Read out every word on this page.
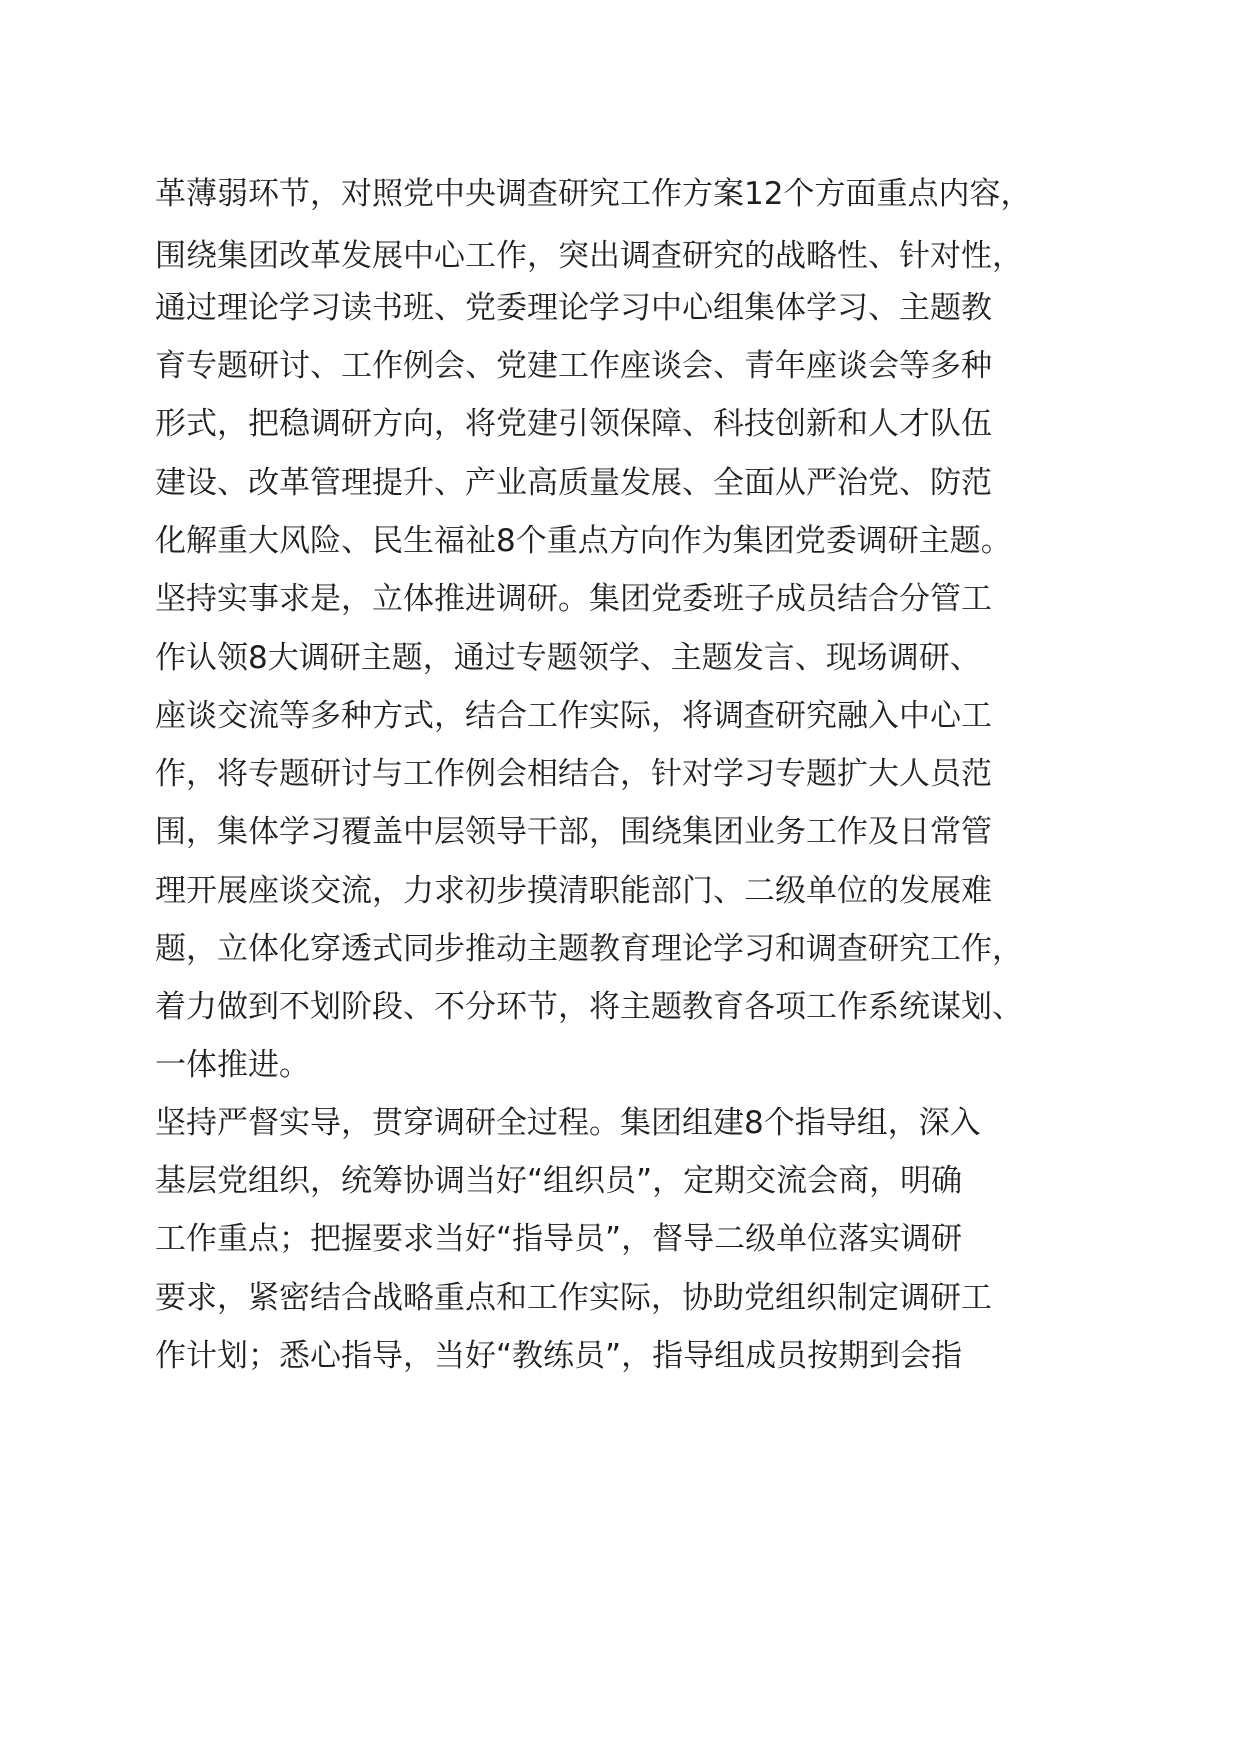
革薄弱环节，对照党中央调查研究工作方案12个方面重点内容，
围绕集团改革发展中心工作，突出调查研究的战略性、针对性，
通过理论学习读书班、党委理论学习中心组集体学习、主题教
育专题研讨、工作例会、党建工作座谈会、青年座谈会等多种
形式，把稳调研方向，将党建引领保障、科技创新和人才队伍
建设、改革管理提升、产业高质量发展、全面从严治党、防范
化解重大风险、民生福祉8个重点方向作为集团党委调研主题。
坚持实事求是，立体推进调研。集团党委班子成员结合分管工
作认领8大调研主题，通过专题领学、主题发言、现场调研、
座谈交流等多种方式，结合工作实际，将调查研究融入中心工
作，将专题研讨与工作例会相结合，针对学习专题扩大人员范
围，集体学习覆盖中层领导干部，围绕集团业务工作及日常管
理开展座谈交流，力求初步摸清职能部门、二级单位的发展难
题，立体化穿透式同步推动主题教育理论学习和调查研究工作，
着力做到不划阶段、不分环节，将主题教育各项工作系统谋划、
一体推进。
坚持严督实导，贯穿调研全过程。集团组建8个指导组，深入
基层党组织，统筹协调当好“组织员”，定期交流会商，明确
工作重点；把握要求当好“指导员”，督导二级单位落实调研
要求，紧密结合战略重点和工作实际，协助党组织制定调研工
作计划；悉心指导，当好“教练员”，指导组成员按期到会指
